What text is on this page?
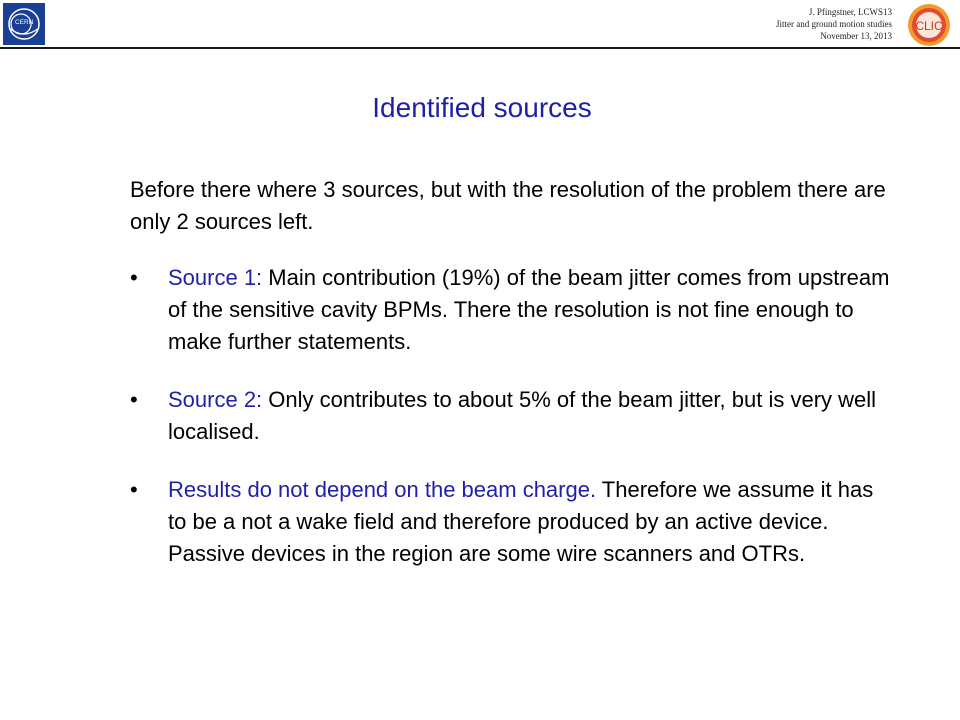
CERN
J. Pfingstner, LCWS13
Jitter and ground motion studies
November 13, 2013
CLIC
Identified sources

Before there where 3 sources, but with the resolution of the problem there are only 2 sources left.

• Source 1: Main contribution (19%) of the beam jitter comes from upstream of the sensitive cavity BPMs. There the resolution is not fine enough to make further statements.
• Source 2: Only contributes to about 5% of the beam jitter, but is very well localised.
• Results do not depend on the beam charge. Therefore we assume it has to be a not a wake field and therefore produced by an active device. Passive devices in the region are some wire scanners and OTRs.
